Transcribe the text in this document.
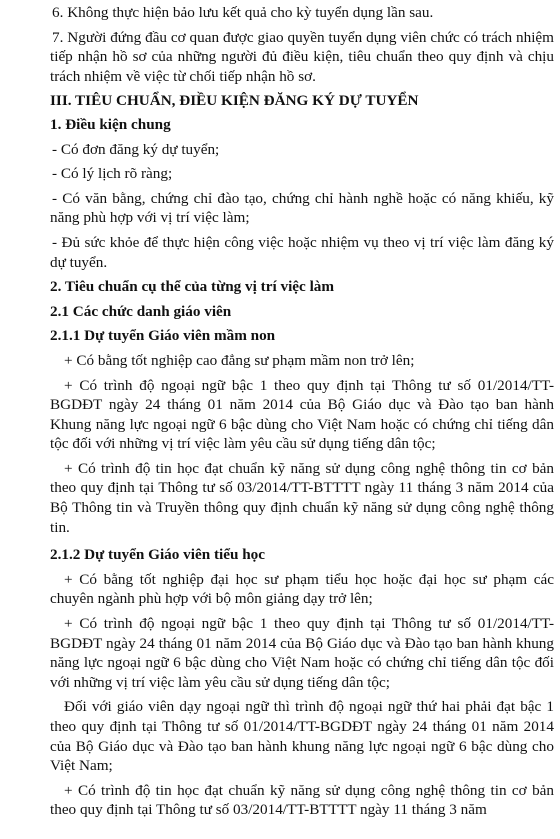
6. Không thực hiện bảo lưu kết quả cho kỳ tuyển dụng lần sau.

7. Người đứng đầu cơ quan được giao quyền tuyển dụng viên chức có trách nhiệm tiếp nhận hồ sơ của những người đủ điều kiện, tiêu chuẩn theo quy định và chịu trách nhiệm về việc từ chối tiếp nhận hồ sơ.

III. TIÊU CHUẨN, ĐIỀU KIỆN ĐĂNG KÝ DỰ TUYỂN

1. Điều kiện chung

- Có đơn đăng ký dự tuyển;

- Có lý lịch rõ ràng;

- Có văn bằng, chứng chỉ đào tạo, chứng chỉ hành nghề hoặc có năng khiếu, kỹ năng phù hợp với vị trí việc làm;

- Đủ sức khỏe để thực hiện công việc hoặc nhiệm vụ theo vị trí việc làm đăng ký dự tuyển.

2. Tiêu chuẩn cụ thể của từng vị trí việc làm

2.1 Các chức danh giáo viên

2.1.1 Dự tuyển Giáo viên mầm non

+ Có bằng tốt nghiệp cao đẳng sư phạm mầm non trở lên;

+ Có trình độ ngoại ngữ bậc 1 theo quy định tại Thông tư số 01/2014/TT-BGDĐT ngày 24 tháng 01 năm 2014 của Bộ Giáo dục và Đào tạo ban hành Khung năng lực ngoại ngữ 6 bậc dùng cho Việt Nam hoặc có chứng chỉ tiếng dân tộc đối với những vị trí việc làm yêu cầu sử dụng tiếng dân tộc;

+ Có trình độ tin học đạt chuẩn kỹ năng sử dụng công nghệ thông tin cơ bản theo quy định tại Thông tư số 03/2014/TT-BTTTT ngày 11 tháng 3 năm 2014 của Bộ Thông tin và Truyền thông quy định chuẩn kỹ năng sử dụng công nghệ thông tin.

2.1.2 Dự tuyển Giáo viên tiểu học

+ Có bằng tốt nghiệp đại học sư phạm tiểu học hoặc đại học sư phạm các chuyên ngành phù hợp với bộ môn giảng dạy trở lên;

+ Có trình độ ngoại ngữ bậc 1 theo quy định tại Thông tư số 01/2014/TT-BGDĐT ngày 24 tháng 01 năm 2014 của Bộ Giáo dục và Đào tạo ban hành khung năng lực ngoại ngữ 6 bậc dùng cho Việt Nam hoặc có chứng chỉ tiếng dân tộc đối với những vị trí việc làm yêu cầu sử dụng tiếng dân tộc;

Đối với giáo viên dạy ngoại ngữ thì trình độ ngoại ngữ thứ hai phải đạt bậc 1 theo quy định tại Thông tư số 01/2014/TT-BGDĐT ngày 24 tháng 01 năm 2014 của Bộ Giáo dục và Đào tạo ban hành khung năng lực ngoại ngữ 6 bậc dùng cho Việt Nam;

+ Có trình độ tin học đạt chuẩn kỹ năng sử dụng công nghệ thông tin cơ bản theo quy định tại Thông tư số 03/2014/TT-BTTTT ngày 11 tháng 3 năm
